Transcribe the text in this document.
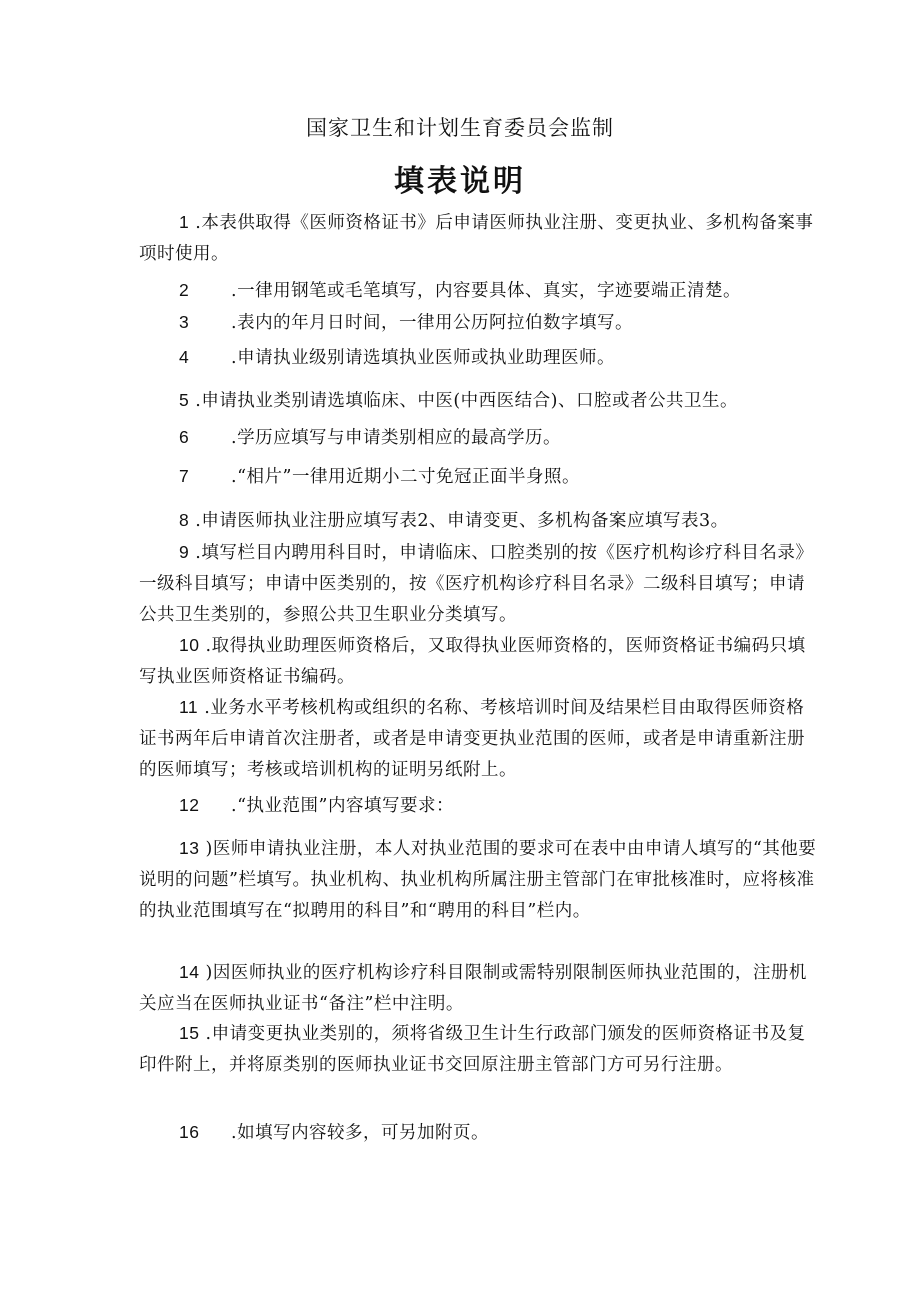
国家卫生和计划生育委员会监制
填表说明
1 .本表供取得《医师资格证书》后申请医师执业注册、变更执业、多机构备案事项时使用。
2 .一律用钢笔或毛笔填写，内容要具体、真实，字迹要端正清楚。
3 .表内的年月日时间，一律用公历阿拉伯数字填写。
4 .申请执业级别请选填执业医师或执业助理医师。
5 .申请执业类别请选填临床、中医(中西医结合)、口腔或者公共卫生。
6 .学历应填写与申请类别相应的最高学历。
7 .“相片”一律用近期小二寸免冠正面半身照。
8 .申请医师执业注册应填写表2、申请变更、多机构备案应填写表3。
9 .填写栏目内聘用科目时，申请临床、口腔类别的按《医疗机构诊疗科目名录》一级科目填写；申请中医类别的，按《医疗机构诊疗科目名录》二级科目填写；申请公共卫生类别的，参照公共卫生职业分类填写。
10 .取得执业助理医师资格后，又取得执业医师资格的，医师资格证书编码只填写执业医师资格证书编码。
11 .业务水平考核机构或组织的名称、考核培训时间及结果栏目由取得医师资格证书两年后申请首次注册者，或者是申请变更执业范围的医师，或者是申请重新注册的医师填写；考核或培训机构的证明另纸附上。
12 .“执业范围”内容填写要求：
13 )医师申请执业注册，本人对执业范围的要求可在表中由申请人填写的“其他要说明的问题”栏填写。执业机构、执业机构所属注册主管部门在审批核准时，应将核准的执业范围填写在“拟聘用的科目”和“聘用的科目”栏内。
14 )因医师执业的医疗机构诊疗科目限制或需特别限制医师执业范围的，注册机关应当在医师执业证书“备注”栏中注明。
15 .申请变更执业类别的，须将省级卫生计生行政部门颁发的医师资格证书及复印件附上，并将原类别的医师执业证书交回原注册主管部门方可另行注册。
16 .如填写内容较多，可另加附页。
